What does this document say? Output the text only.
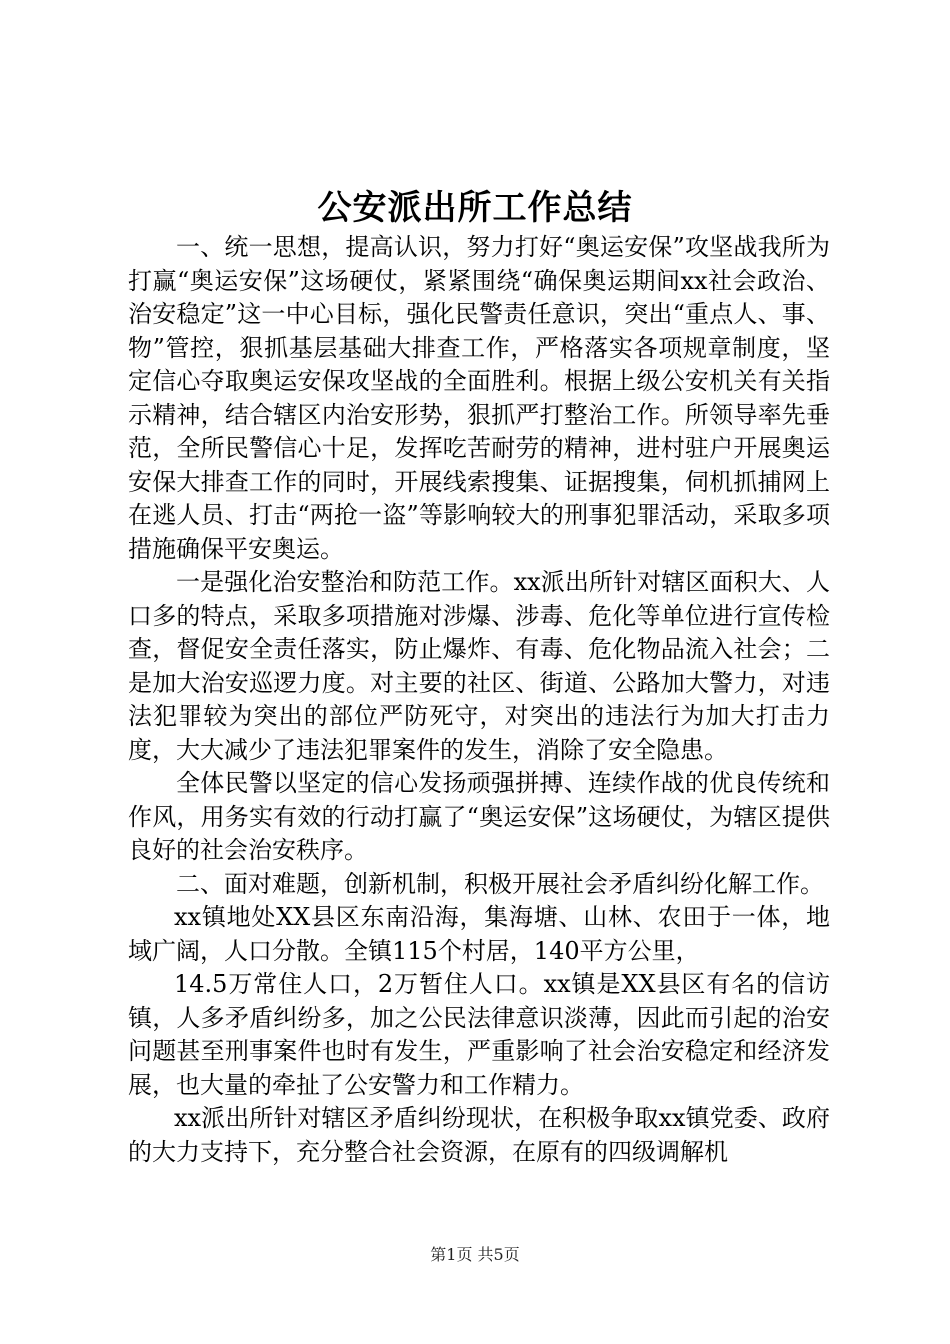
公安派出所工作总结

一、统一思想，提高认识，努力打好“奥运安保”攻坚战我所为打赢“奥运安保”这场硬仗，紧紧围绕“确保奥运期间xx社会政治、治安稳定”这一中心目标，强化民警责任意识，突出“重点人、事、物”管控，狠抓基层基础大排查工作，严格落实各项规章制度，坚定信心夺取奥运安保攻坚战的全面胜利。根据上级公安机关有关指示精神，结合辖区内治安形势，狠抓严打整治工作。所领导率先垂范，全所民警信心十足，发挥吃苦耐劳的精神，进村驻户开展奥运安保大排查工作的同时，开展线索搜集、证据搜集，伺机抓捕网上在逃人员、打击“两抢一盗”等影响较大的刑事犯罪活动，采取多项措施确保平安奥运。

一是强化治安整治和防范工作。xx派出所针对辖区面积大、人口多的特点，采取多项措施对涉爆、涉毒、危化等单位进行宣传检查，督促安全责任落实，防止爆炸、有毒、危化物品流入社会；二是加大治安巡逻力度。对主要的社区、街道、公路加大警力，对违法犯罪较为突出的部位严防死守，对突出的违法行为加大打击力度，大大减少了违法犯罪案件的发生，消除了安全隐患。

全体民警以坚定的信心发扬顽强拼搏、连续作战的优良传统和作风，用务实有效的行动打赢了“奥运安保”这场硬仗，为辖区提供良好的社会治安秩序。

二、面对难题，创新机制，积极开展社会矛盾纠纷化解工作。

xx镇地处XX县区东南沿海，集海塘、山林、农田于一体，地域广阔，人口分散。全镇115个村居，140平方公里，

14.5万常住人口，2万暂住人口。xx镇是XX县区有名的信访镇，人多矛盾纠纷多，加之公民法律意识淡薄，因此而引起的治安问题甚至刑事案件也时有发生，严重影响了社会治安稳定和经济发展，也大量的牵扯了公安警力和工作精力。

xx派出所针对辖区矛盾纠纷现状，在积极争取xx镇党委、政府的大力支持下，充分整合社会资源，在原有的四级调解机

第1页 共5页
